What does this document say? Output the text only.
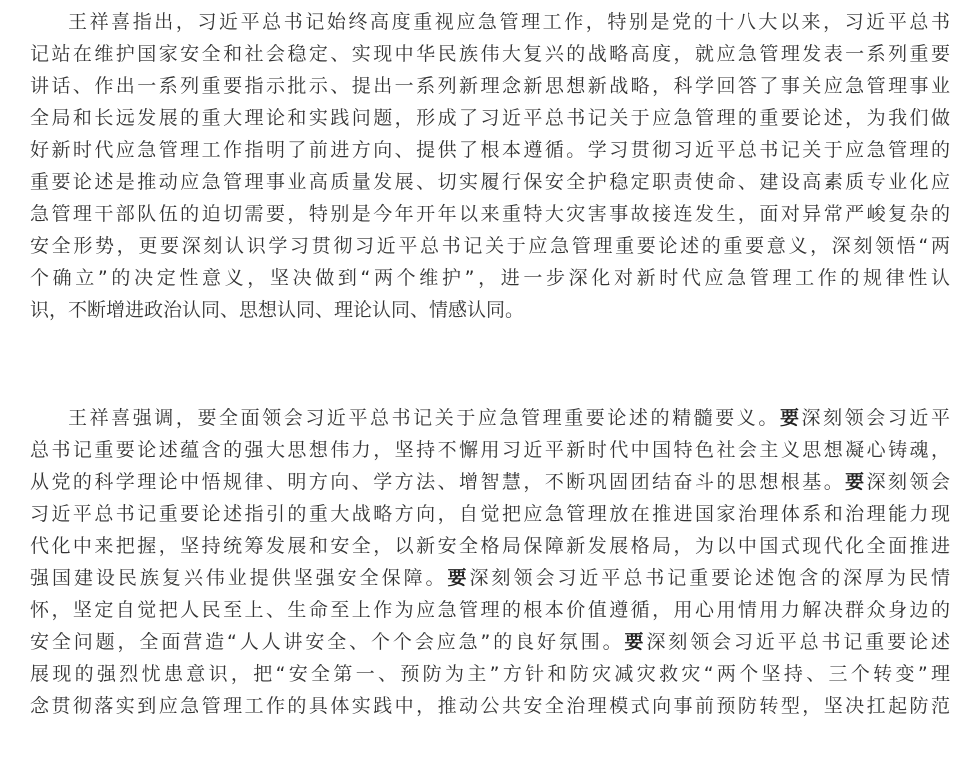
王祥喜指出，习近平总书记始终高度重视应急管理工作，特别是党的十八大以来，习近平总书
记站在维护国家安全和社会稳定、实现中华民族伟大复兴的战略高度，就应急管理发表一系列重要
讲话、作出一系列重要指示批示、提出一系列新理念新思想新战略，科学回答了事关应急管理事业
全局和长远发展的重大理论和实践问题，形成了习近平总书记关于应急管理的重要论述，为我们做
好新时代应急管理工作指明了前进方向、提供了根本遵循。学习贯彻习近平总书记关于应急管理的
重要论述是推动应急管理事业高质量发展、切实履行保安全护稳定职责使命、建设高素质专业化应
急管理干部队伍的迫切需要，特别是今年开年以来重特大灾害事故接连发生，面对异常严峻复杂的
安全形势，更要深刻认识学习贯彻习近平总书记关于应急管理重要论述的重要意义，深刻领悟“两
个确立”的决定性意义，坚决做到“两个维护”，进一步深化对新时代应急管理工作的规律性认
识，不断增进政治认同、思想认同、理论认同、情感认同。
王祥喜强调，要全面领会习近平总书记关于应急管理重要论述的精髓要义。要深刻领会习近平
总书记重要论述蕴含的强大思想伟力，坚持不懈用习近平新时代中国特色社会主义思想凝心铸魂，
从党的科学理论中悟规律、明方向、学方法、增智慧，不断巩固团结奋斗的思想根基。要深刻领会
习近平总书记重要论述指引的重大战略方向，自觉把应急管理放在推进国家治理体系和治理能力现
代化中来把握，坚持统筹发展和安全，以新安全格局保障新发展格局，为以中国式现代化全面推进
强国建设民族复兴伟业提供坚强安全保障。要深刻领会习近平总书记重要论述饱含的深厚为民情
怀，坚定自觉把人民至上、生命至上作为应急管理的根本价值遵循，用心用情用力解决群众身边的
安全问题，全面营造“人人讲安全、个个会应急”的良好氛围。要深刻领会习近平总书记重要论述
展现的强烈忧患意识，把“安全第一、预防为主”方针和防灾减灾救灾“两个坚持、三个转变”理
念贯彻落实到应急管理工作的具体实践中，推动公共安全治理模式向事前预防转型，坚决扛起防范
